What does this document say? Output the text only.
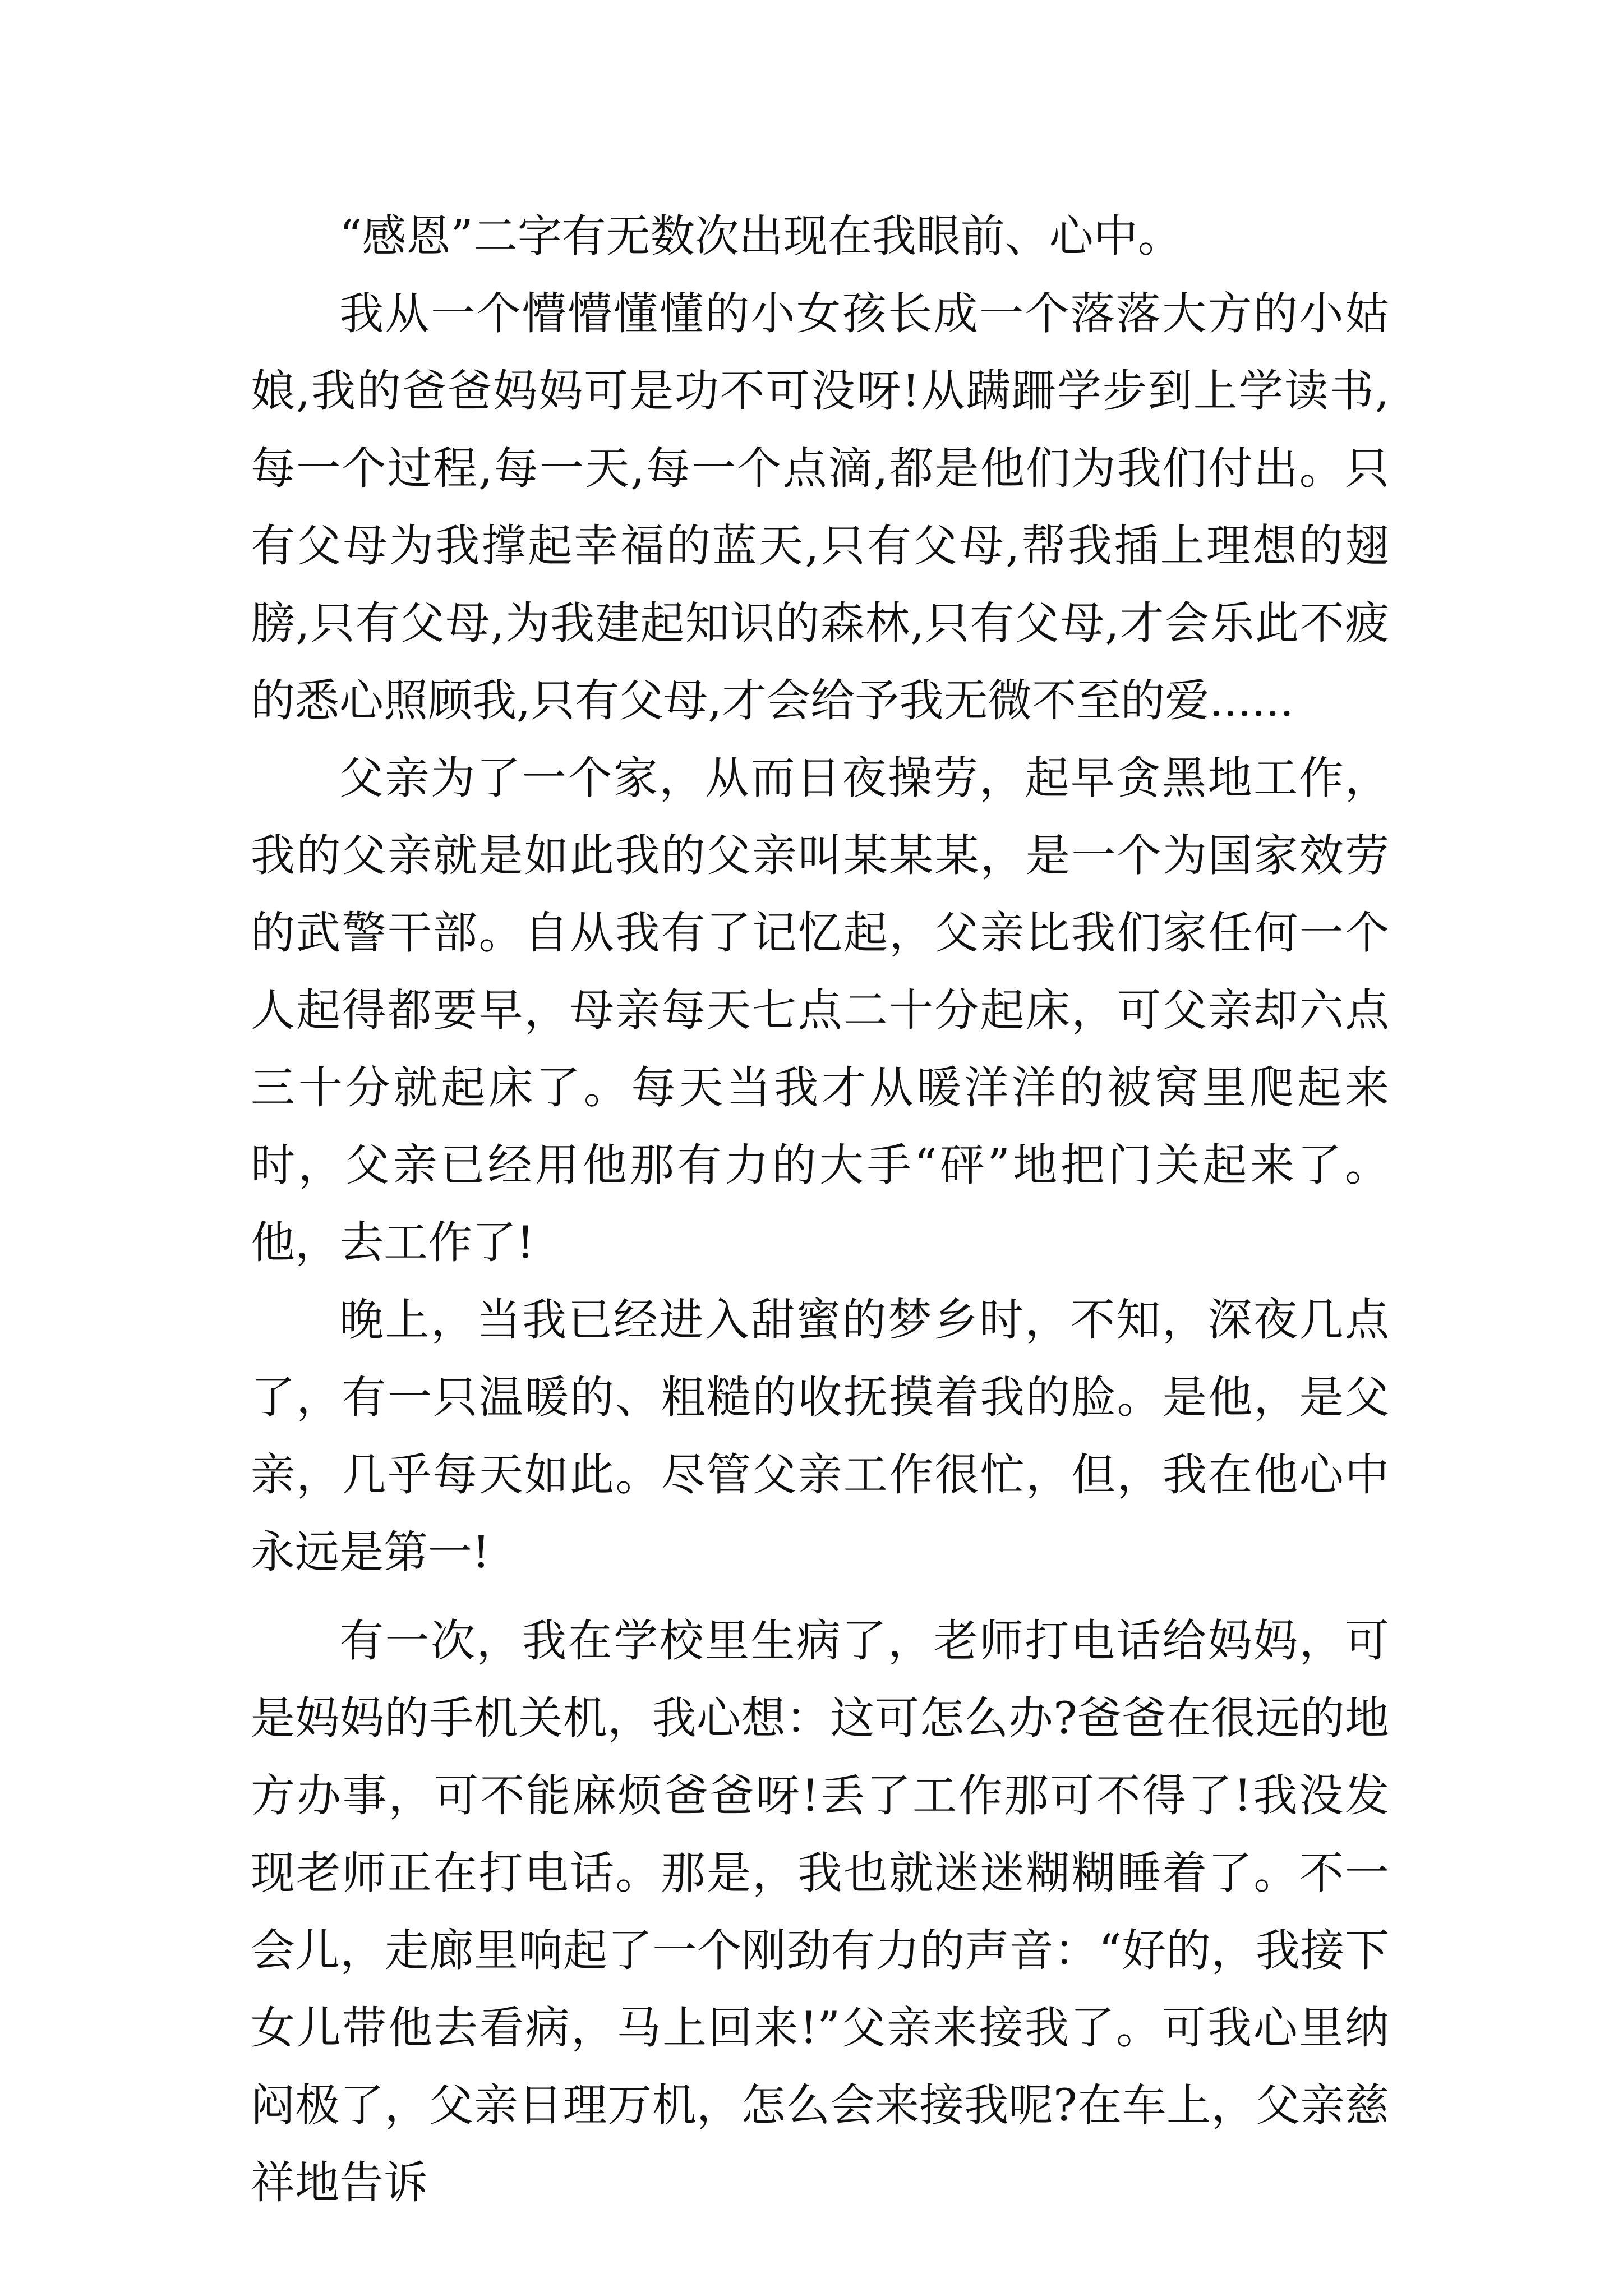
“感恩”二字有无数次出现在我眼前、心中。

我从一个懵懵懂懂的小女孩长成一个落落大方的小姑娘,我的爸爸妈妈可是功不可没呀!从蹒跚学步到上学读书,每一个过程,每一天,每一个点滴,都是他们为我们付出。只有父母为我撑起幸福的蓝天,只有父母,帮我插上理想的翅膀,只有父母,为我建起知识的森林,只有父母,才会乐此不疲的悉心照顾我,只有父母,才会给予我无微不至的爱......

父亲为了一个家，从而日夜操劳，起早贪黑地工作，我的父亲就是如此我的父亲叫某某某，是一个为国家效劳的武警干部。自从我有了记忆起，父亲比我们家任何一个人起得都要早，母亲每天七点二十分起床，可父亲却六点三十分就起床了。每天当我才从暖洋洋的被窝里爬起来时，父亲已经用他那有力的大手“砰”地把门关起来了。他，去工作了!

晚上，当我已经进入甜蜜的梦乡时，不知，深夜几点了，有一只温暖的、粗糙的收抚摸着我的脸。是他，是父亲，几乎每天如此。尽管父亲工作很忙，但，我在他心中永远是第一!

有一次，我在学校里生病了，老师打电话给妈妈，可是妈妈的手机关机，我心想：这可怎么办?爸爸在很远的地方办事，可不能麻烦爸爸呀!丢了工作那可不得了!我没发现老师正在打电话。那是，我也就迷迷糊糊睡着了。不一会儿，走廊里响起了一个刚劲有力的声音：“好的，我接下女儿带他去看病，马上回来!”父亲来接我了。可我心里纳闷极了，父亲日理万机，怎么会来接我呢?在车上，父亲慈祥地告诉
